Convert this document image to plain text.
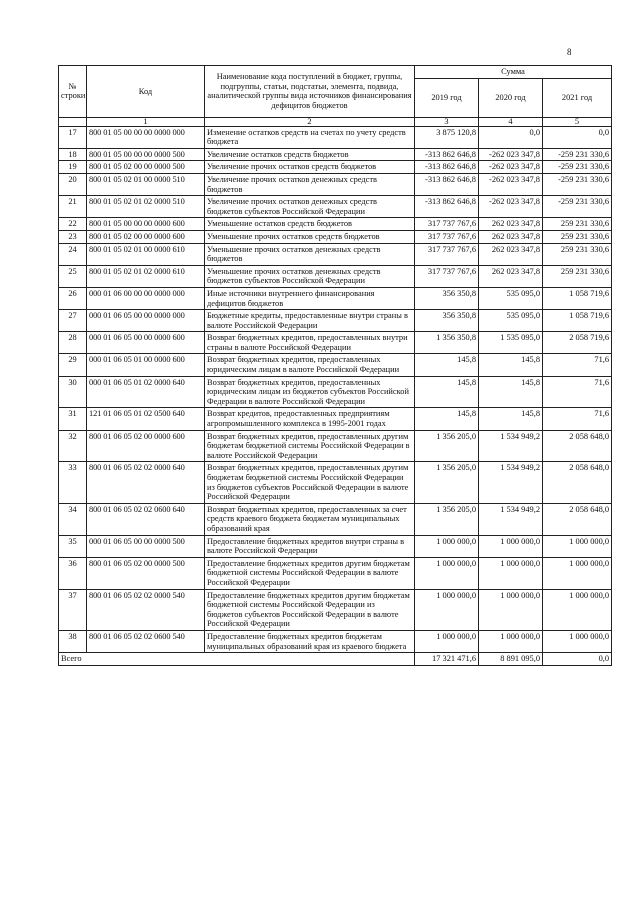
8
№ строки	Код	Наименование кода поступлений в бюджет, группы, подгруппы, статьи, подстатьи, элемента, подвида, аналитической группы вида источников финансирования дефицитов бюджетов	Сумма		
			2019 год	2020 год	2021 год
	1	2	3	4	5
17	800 01 05 00 00 00 0000 000	Изменение остатков средств на счетах по учету средств бюджета	3 875 120,8	0,0	0,0
18	800 01 05 00 00 00 0000 500	Увеличение остатков средств бюджетов	-313 862 646,8	-262 023 347,8	-259 231 330,6
19	800 01 05 02 00 00 0000 500	Увеличение прочих остатков средств бюджетов	-313 862 646,8	-262 023 347,8	-259 231 330,6
20	800 01 05 02 01 00 0000 510	Увеличение прочих остатков денежных средств бюджетов	-313 862 646,8	-262 023 347,8	-259 231 330,6
21	800 01 05 02 01 02 0000 510	Увеличение прочих остатков денежных средств бюджетов субъектов Российской Федерации	-313 862 646,8	-262 023 347,8	-259 231 330,6
22	800 01 05 00 00 00 0000 600	Уменьшение остатков средств бюджетов	317 737 767,6	262 023 347,8	259 231 330,6
23	800 01 05 02 00 00 0000 600	Уменьшение прочих остатков средств бюджетов	317 737 767,6	262 023 347,8	259 231 330,6
24	800 01 05 02 01 00 0000 610	Уменьшение прочих остатков денежных средств бюджетов	317 737 767,6	262 023 347,8	259 231 330,6
25	800 01 05 02 01 02 0000 610	Уменьшение прочих остатков денежных средств бюджетов субъектов Российской Федерации	317 737 767,6	262 023 347,8	259 231 330,6
26	000 01 06 00 00 00 0000 000	Иные источники внутреннего финансирования дефицитов бюджетов	356 350,8	535 095,0	1 058 719,6
27	000 01 06 05 00 00 0000 000	Бюджетные кредиты, предоставленные внутри страны в валюте Российской Федерации	356 350,8	535 095,0	1 058 719,6
28	000 01 06 05 00 00 0000 600	Возврат бюджетных кредитов, предоставленных внутри страны в валюте Российской Федерации	1 356 350,8	1 535 095,0	2 058 719,6
29	000 01 06 05 01 00 0000 600	Возврат бюджетных кредитов, предоставленных юридическим лицам в валюте Российской Федерации	145,8	145,8	71,6
30	000 01 06 05 01 02 0000 640	Возврат бюджетных кредитов, предоставленных юридическим лицам из бюджетов субъектов Российской Федерации в валюте Российской Федерации	145,8	145,8	71,6
31	121 01 06 05 01 02 0500 640	Возврат кредитов, предоставленных предприятиям агропромышленного комплекса в 1995-2001 годах	145,8	145,8	71,6
32	800 01 06 05 02 00 0000 600	Возврат бюджетных кредитов, предоставленных другим бюджетам бюджетной системы Российской Федерации в валюте Российской Федерации	1 356 205,0	1 534 949,2	2 058 648,0
33	800 01 06 05 02 02 0000 640	Возврат бюджетных кредитов, предоставленных другим бюджетам бюджетной системы Российской Федерации из бюджетов субъектов Российской Федерации в валюте Российской Федерации	1 356 205,0	1 534 949,2	2 058 648,0
34	800 01 06 05 02 02 0600 640	Возврат бюджетных кредитов, предоставленных за счет средств краевого бюджета бюджетам муниципальных образований края	1 356 205,0	1 534 949,2	2 058 648,0
35	000 01 06 05 00 00 0000 500	Предоставление бюджетных кредитов внутри страны в валюте Российской Федерации	1 000 000,0	1 000 000,0	1 000 000,0
36	800 01 06 05 02 00 0000 500	Предоставление бюджетных кредитов другим бюджетам бюджетной системы Российской Федерации в валюте Российской Федерации	1 000 000,0	1 000 000,0	1 000 000,0
37	800 01 06 05 02 02 0000 540	Предоставление бюджетных кредитов другим бюджетам бюджетной системы Российской Федерации из бюджетов субъектов Российской Федерации в валюте Российской Федерации	1 000 000,0	1 000 000,0	1 000 000,0
38	800 01 06 05 02 02 0600 540	Предоставление бюджетных кредитов бюджетам муниципальных образований края из краевого бюджета	1 000 000,0	1 000 000,0	1 000 000,0
Всего			17 321 471,6	8 891 095,0	0,0
